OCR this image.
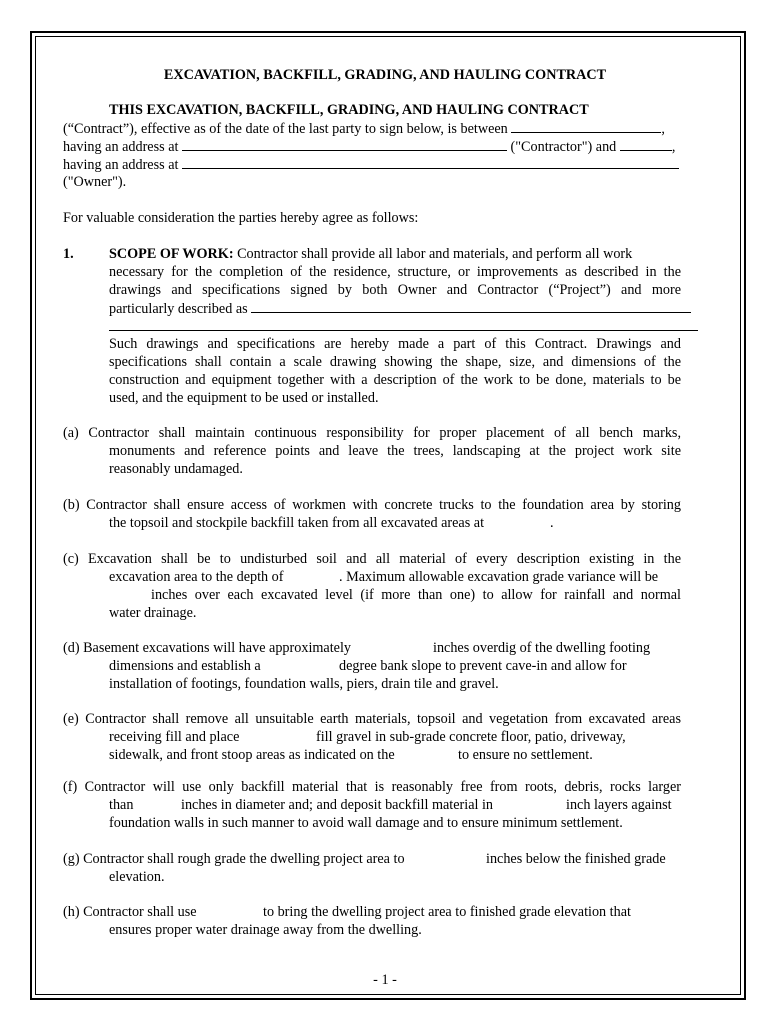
EXCAVATION, BACKFILL, GRADING, AND HAULING CONTRACT
THIS EXCAVATION, BACKFILL, GRADING, AND HAULING CONTRACT
(“Contract”), effective as of the date of the last party to sign below, is between	,
having an address at	("Contractor") and	,
having an address at
("Owner").
For valuable consideration the parties hereby agree as follows:
1. SCOPE OF WORK: Contractor shall provide all labor and materials, and perform all work
necessary for the completion of the residence, structure, or improvements as described in the
drawings and specifications signed by both Owner and Contractor (“Project”) and more
particularly described as
Such drawings and specifications are hereby made a part of this Contract. Drawings and
specifications shall contain a scale drawing showing the shape, size, and dimensions of the
construction and equipment together with a description of the work to be done, materials to be
used, and the equipment to be used or installed.
(a) Contractor shall maintain continuous responsibility for proper placement of all bench marks,
monuments and reference points and leave the trees, landscaping at the project work site
reasonably undamaged.
(b) Contractor shall ensure access of workmen with concrete trucks to the foundation area by storing
the topsoil and stockpile backfill taken from all excavated areas at	.
(c) Excavation shall be to undisturbed soil and all material of every description existing in the
excavation area to the depth of	. Maximum allowable excavation grade variance will be
inches over each excavated level (if more than one) to allow for rainfall and normal
water drainage.
(d) Basement excavations will have approximately	inches overdig of the dwelling footing
dimensions and establish a	degree bank slope to prevent cave-in and allow for
installation of footings, foundation walls, piers, drain tile and gravel.
(e) Contractor shall remove all unsuitable earth materials, topsoil and vegetation from excavated areas
receiving fill and place	fill gravel in sub-grade concrete floor, patio, driveway,
sidewalk, and front stoop areas as indicated on the	to ensure no settlement.
(f) Contractor will use only backfill material that is reasonably free from roots, debris, rocks larger
than	inches in diameter and; and deposit backfill material in	inch layers against
foundation walls in such manner to avoid wall damage and to ensure minimum settlement.
(g) Contractor shall rough grade the dwelling project area to	inches below the finished grade
elevation.
(h) Contractor shall use	to bring the dwelling project area to finished grade elevation that
ensures proper water drainage away from the dwelling.
- 1 -
